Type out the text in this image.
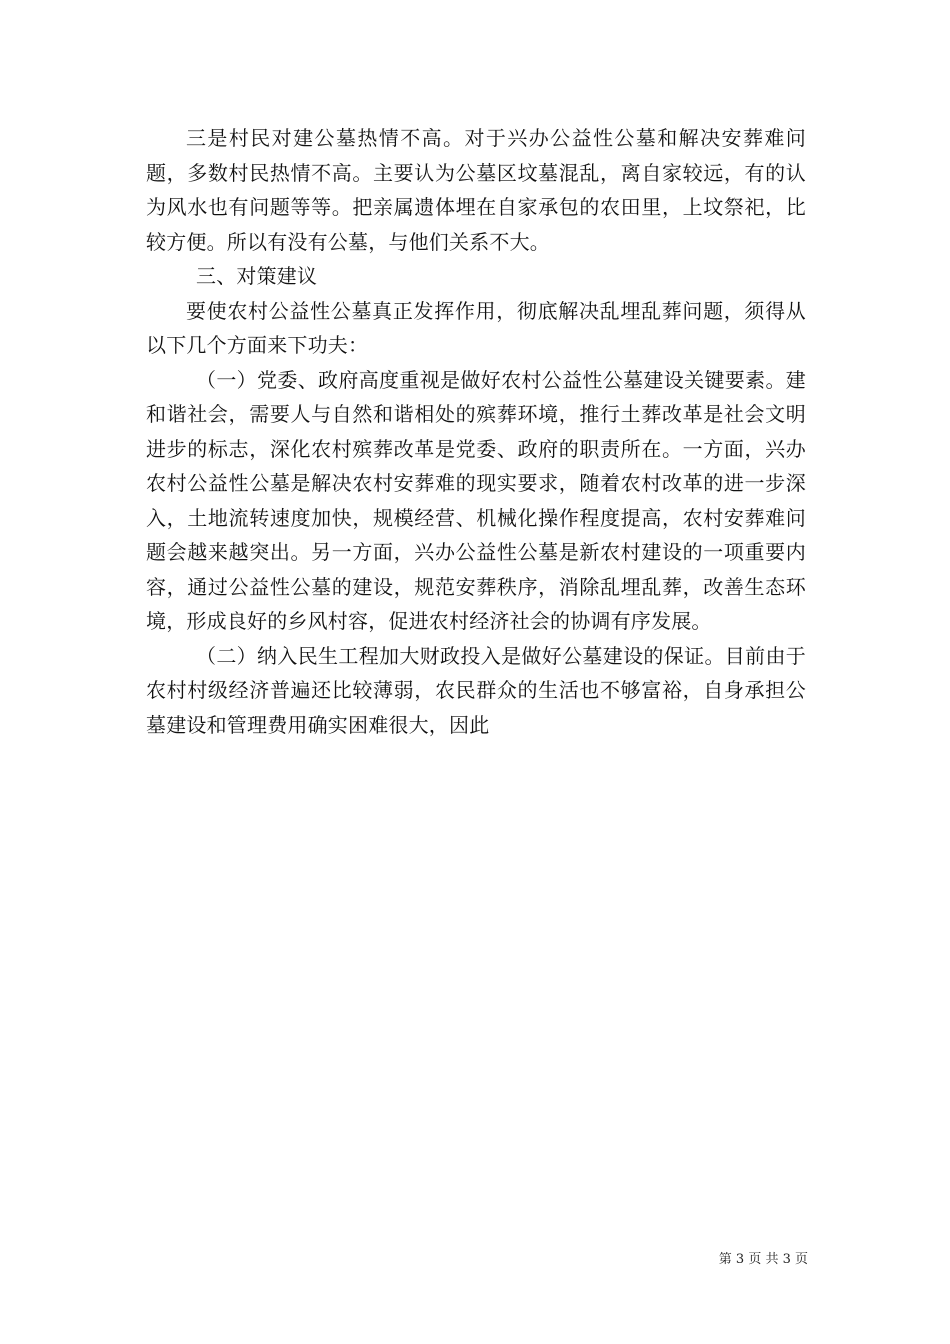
三是村民对建公墓热情不高。对于兴办公益性公墓和解决安葬难问题，多数村民热情不高。主要认为公墓区坟墓混乱，离自家较远，有的认为风水也有问题等等。把亲属遗体埋在自家承包的农田里，上坟祭祀，比较方便。所以有没有公墓，与他们关系不大。

三、对策建议

要使农村公益性公墓真正发挥作用，彻底解决乱埋乱葬问题，须得从以下几个方面来下功夫：

（一）党委、政府高度重视是做好农村公益性公墓建设关键要素。建和谐社会，需要人与自然和谐相处的殡葬环境，推行土葬改革是社会文明进步的标志，深化农村殡葬改革是党委、政府的职责所在。一方面，兴办农村公益性公墓是解决农村安葬难的现实要求，随着农村改革的进一步深入，土地流转速度加快，规模经营、机械化操作程度提高，农村安葬难问题会越来越突出。另一方面，兴办公益性公墓是新农村建设的一项重要内容，通过公益性公墓的建设，规范安葬秩序，消除乱埋乱葬，改善生态环境，形成良好的乡风村容，促进农村经济社会的协调有序发展。

（二）纳入民生工程加大财政投入是做好公墓建设的保证。目前由于农村村级经济普遍还比较薄弱，农民群众的生活也不够富裕，自身承担公墓建设和管理费用确实困难很大，因此

第 3 页 共 3 页
